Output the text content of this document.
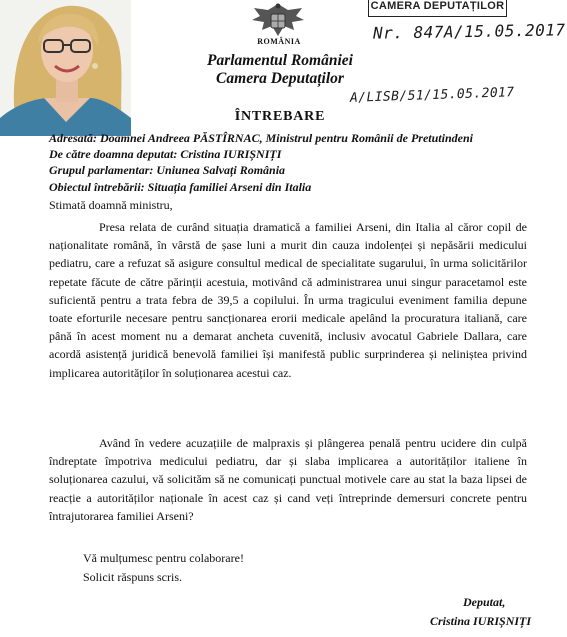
ROMÂNIA
CAMERA DEPUTAȚILOR
Nr. 847A/15.05.2017
Parlamentul României
Camera Deputaților
A/LISB/51/15.05.2017
ÎNTREBARE
Adresată: Doamnei Andreea PĂSTÎRNAC, Ministrul pentru Românii de Pretutindeni
De către doamna deputat: Cristina IURIȘNIȚI
Grupul parlamentar: Uniunea Salvați România
Obiectul întrebării: Situația familiei Arseni din Italia
Stimată doamnă ministru,

Presa relata de curând situația dramatică a familiei Arseni, din Italia al căror copil de naționalitate română, în vârstă de șase luni a murit din cauza indolenței și nepăsării medicului pediatru, care a refuzat să asigure consultul medical de specialitate sugarului, în urma solicitărilor repetate făcute de către părinții acestuia, motivând că administrarea unui singur paracetamol este suficientă pentru a trata febra de 39,5 a copilului. În urma tragicului eveniment familia depune toate eforturile necesare pentru sancționarea erorii medicale apelând la procuratura italiană, care până în acest moment nu a demarat ancheta cuvenită, inclusiv avocatul Gabriele Dallara, care acordă asistență juridică benevolă familiei își manifestă public surprinderea și neliniștea privind implicarea autorităților în soluționarea acestui caz.

Având în vedere acuzațiile de malpraxis și plângerea penală pentru ucidere din culpă îndreptate împotriva medicului pediatru, dar și slaba implicarea a autorităților italiene în soluționarea cazului, vă solicităm să ne comunicați punctual motivele care au stat la baza lipsei de reacție a autorităților naționale în acest caz și cand veți întreprinde demersuri concrete pentru întrajutorarea familiei Arseni?

Vă mulțumesc pentru colaborare!
Solicit răspuns scris.
Deputat,
Cristina IURIȘNIȚI
